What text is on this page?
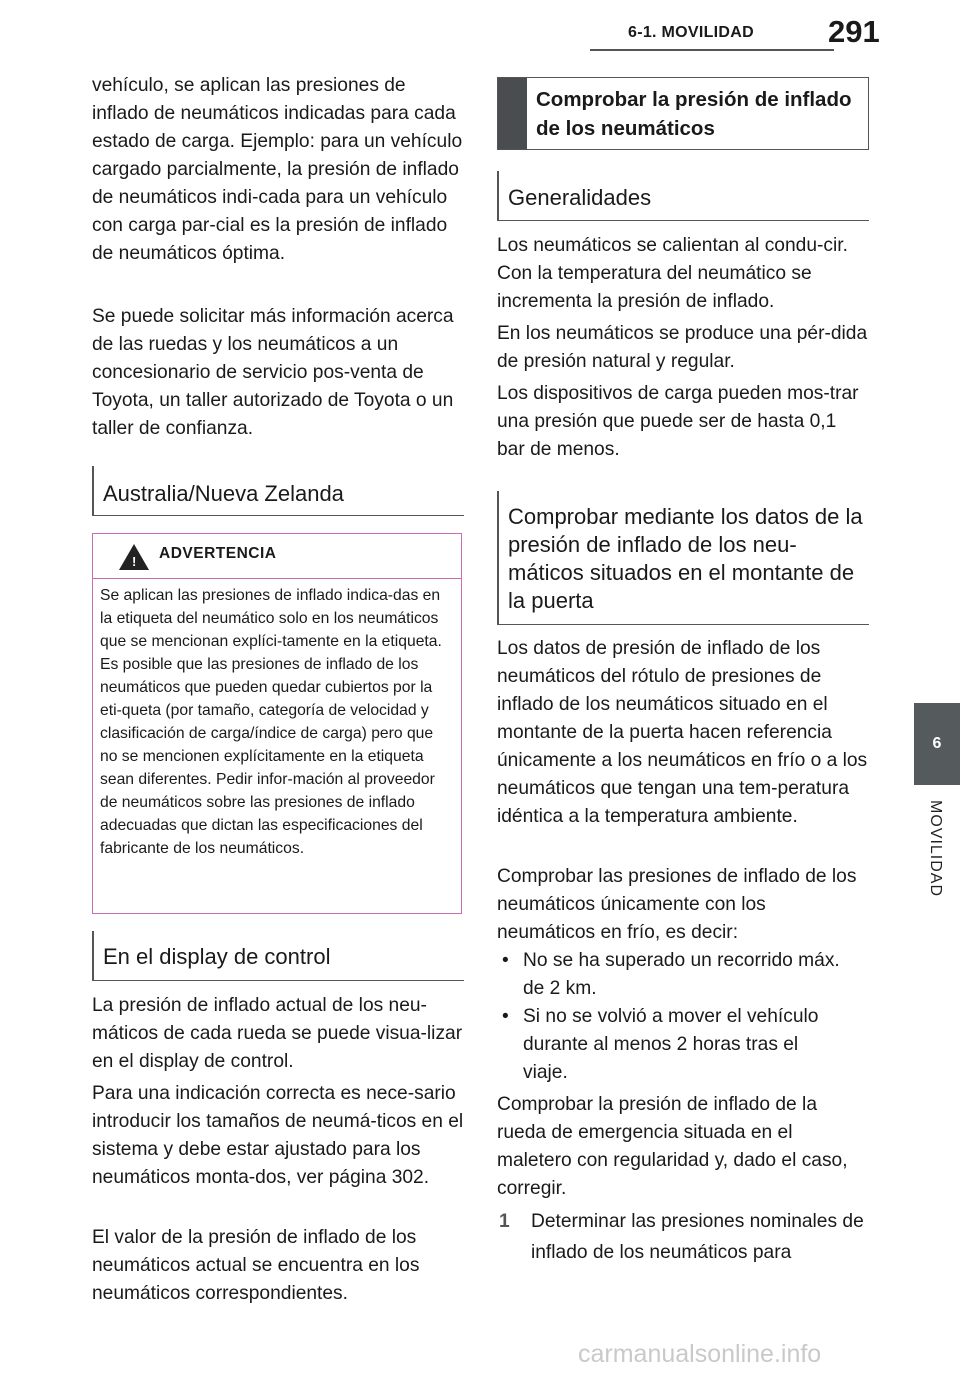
6-1. MOVILIDAD 291
6
MOVILIDAD

vehículo, se aplican las presiones de inflado de neumáticos indicadas para cada estado de carga. Ejemplo: para un vehículo cargado parcialmente, la presión de inflado de neumáticos indi-cada para un vehículo con carga par-cial es la presión de inflado de neumáticos óptima.

Se puede solicitar más información acerca de las ruedas y los neumáticos a un concesionario de servicio pos-venta de Toyota, un taller autorizado de Toyota o un taller de confianza.

Australia/Nueva Zelanda
! ADVERTENCIA

Se aplican las presiones de inflado indica-das en la etiqueta del neumático solo en los neumáticos que se mencionan explíci-tamente en la etiqueta. Es posible que las presiones de inflado de los neumáticos que pueden quedar cubiertos por la eti-queta (por tamaño, categoría de velocidad y clasificación de carga/índice de carga) pero que no se mencionen explícitamente en la etiqueta sean diferentes. Pedir infor-mación al proveedor de neumáticos sobre las presiones de inflado adecuadas que dictan las especificaciones del fabricante de los neumáticos.

En el display de control

La presión de inflado actual de los neu-máticos de cada rueda se puede visua-lizar en el display de control.

Para una indicación correcta es nece-sario introducir los tamaños de neumá-ticos en el sistema y debe estar ajustado para los neumáticos monta-dos, ver página 302.

El valor de la presión de inflado de los neumáticos actual se encuentra en los neumáticos correspondientes.

Comprobar la presión de inflado de los neumáticos
Generalidades

Los neumáticos se calientan al condu-cir. Con la temperatura del neumático se incrementa la presión de inflado.

En los neumáticos se produce una pér-dida de presión natural y regular.

Los dispositivos de carga pueden mos-trar una presión que puede ser de hasta 0,1 bar de menos.

Comprobar mediante los datos de la presión de inflado de los neu-máticos situados en el montante de la puerta

Los datos de presión de inflado de los neumáticos del rótulo de presiones de inflado de los neumáticos situado en el montante de la puerta hacen referencia únicamente a los neumáticos en frío o a los neumáticos que tengan una tem-peratura idéntica a la temperatura ambiente.

Comprobar las presiones de inflado de los neumáticos únicamente con los neumáticos en frío, es decir:

• No se ha superado un recorrido máx. de 2 km.
• Si no se volvió a mover el vehículo durante al menos 2 horas tras el viaje.

Comprobar la presión de inflado de la rueda de emergencia situada en el maletero con regularidad y, dado el caso, corregir.

1 Determinar las presiones nominales de inflado de los neumáticos para
carmanualsonline.info
